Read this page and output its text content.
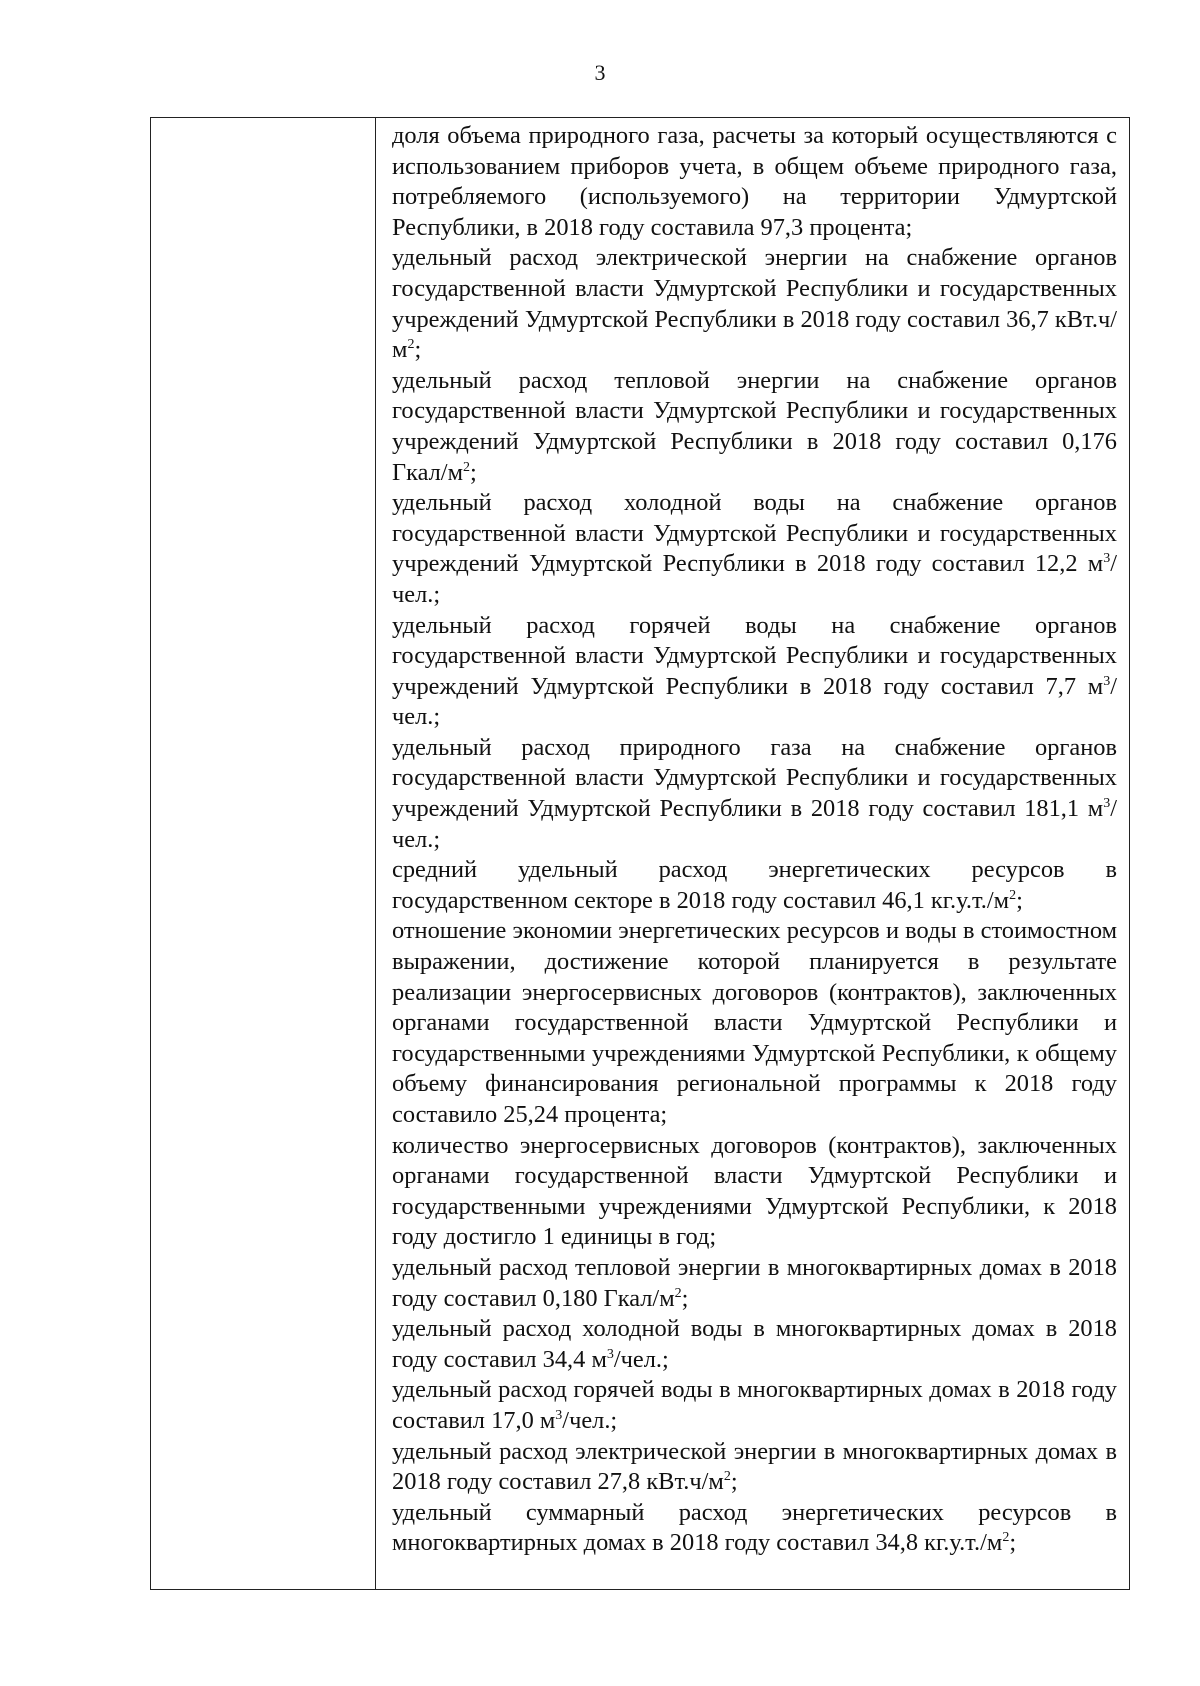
3

доля объема природного газа, расчеты за который осуществляются с использованием приборов учета, в общем объеме природного газа, потребляемого (используемого) на территории Удмуртской Республики, в 2018 году составила 97,3 процента;

удельный расход электрической энергии на снабжение органов государственной власти Удмуртской Республики и государственных учреждений Удмуртской Республики в 2018 году составил 36,7 $кВт.ч/м^2$;

удельный расход тепловой энергии на снабжение органов государственной власти Удмуртской Республики и государственных учреждений Удмуртской Республики в 2018 году составил 0,176 Гкал/$м^2$;

удельный расход холодной воды на снабжение органов государственной власти Удмуртской Республики и государственных учреждений Удмуртской Республики в 2018 году составил 12,2 $м^3$/чел.;

удельный расход горячей воды на снабжение органов государственной власти Удмуртской Республики и государственных учреждений Удмуртской Республики в 2018 году составил 7,7 $м^3$/чел.;

удельный расход природного газа на снабжение органов государственной власти Удмуртской Республики и государственных учреждений Удмуртской Республики в 2018 году составил 181,1 $м^3$/чел.;

средний удельный расход энергетических ресурсов в государственном секторе в 2018 году составил 46,1 $кг.у.т./м^2$;

отношение экономии энергетических ресурсов и воды в стоимостном выражении, достижение которой планируется в результате реализации энергосервисных договоров (контрактов), заключенных органами государственной власти Удмуртской Республики и государственными учреждениями Удмуртской Республики, к общему объему финансирования региональной программы к 2018 году составило 25,24 процента;

количество энергосервисных договоров (контрактов), заключенных органами государственной власти Удмуртской Республики и государственными учреждениями Удмуртской Республики, к 2018 году достигло 1 единицы в год;

удельный расход тепловой энергии в многоквартирных домах в 2018 году составил 0,180 Гкал/$м^2$;

удельный расход холодной воды в многоквартирных домах в 2018 году составил 34,4 $м^3$/чел.;

удельный расход горячей воды в многоквартирных домах в 2018 году составил 17,0 $м^3$/чел.;

удельный расход электрической энергии в многоквартирных домах в 2018 году составил 27,8 $кВт.ч/м^2$;

удельный суммарный расход энергетических ресурсов в многоквартирных домах в 2018 году составил 34,8 $кг.у.т./м^2$;
